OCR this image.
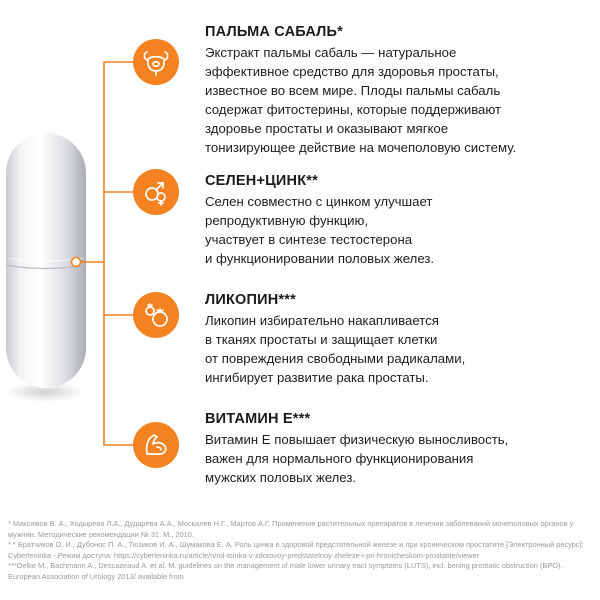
ПАЛЬМА САБАЛЬ*

Экстракт пальмы сабаль — натуральное
эффективное средство для здоровья простаты,
известное во всем мире. Плоды пальмы сабаль
содержат фитостерины, которые поддерживают
здоровье простаты и оказывают мягкое
тонизирующее действие на мочеполовую систему.

СЕЛЕН+ЦИНК**

Селен совместно с цинком улучшает
репродуктивную функцию,
участвует в синтезе тестостерона
и функционировании половых желез.

ЛИКОПИН***

Ликопин избирательно накапливается
в тканях простаты и защищает клетки
от повреждения свободными радикалами,
ингибирует развитие рака простаты.

ВИТАМИН Е***

Витамин Е повышает физическую выносливость,
важен для нормального функционирования
мужских половых желез.

* Максимов В. А., Ходырева Л.А., Дударева А.А., Москалев Н.Г., Мартов А.Г. Применение растительных препаратов в лечении заболеваний мочеполовых органов у мужчин. Методические рекомендации № 31. М., 2010.
* * Братчиков О. И., Дубонос П. А., Тюзиков И. А., Шумакова Е. А. Роль цинка в здоровой предстательной железе и при хроническом простатите [Электронный ресурс]: Cyberleninka - Режим доступа: https://cyberleninka.ru/article/n/rol-tsinka-v-zdorovoy-predstatelnoy-zheleze-i-pri-hronicheskom-prostatite/viewer
***Oelke M., Bachmann A., Descazeaud A. et al. M. guidelines on the management of male lower urinary tract symptoms (LUTS), incl. bening prostatic obstruction (BPO). European Association of Urology 2013/ available from
